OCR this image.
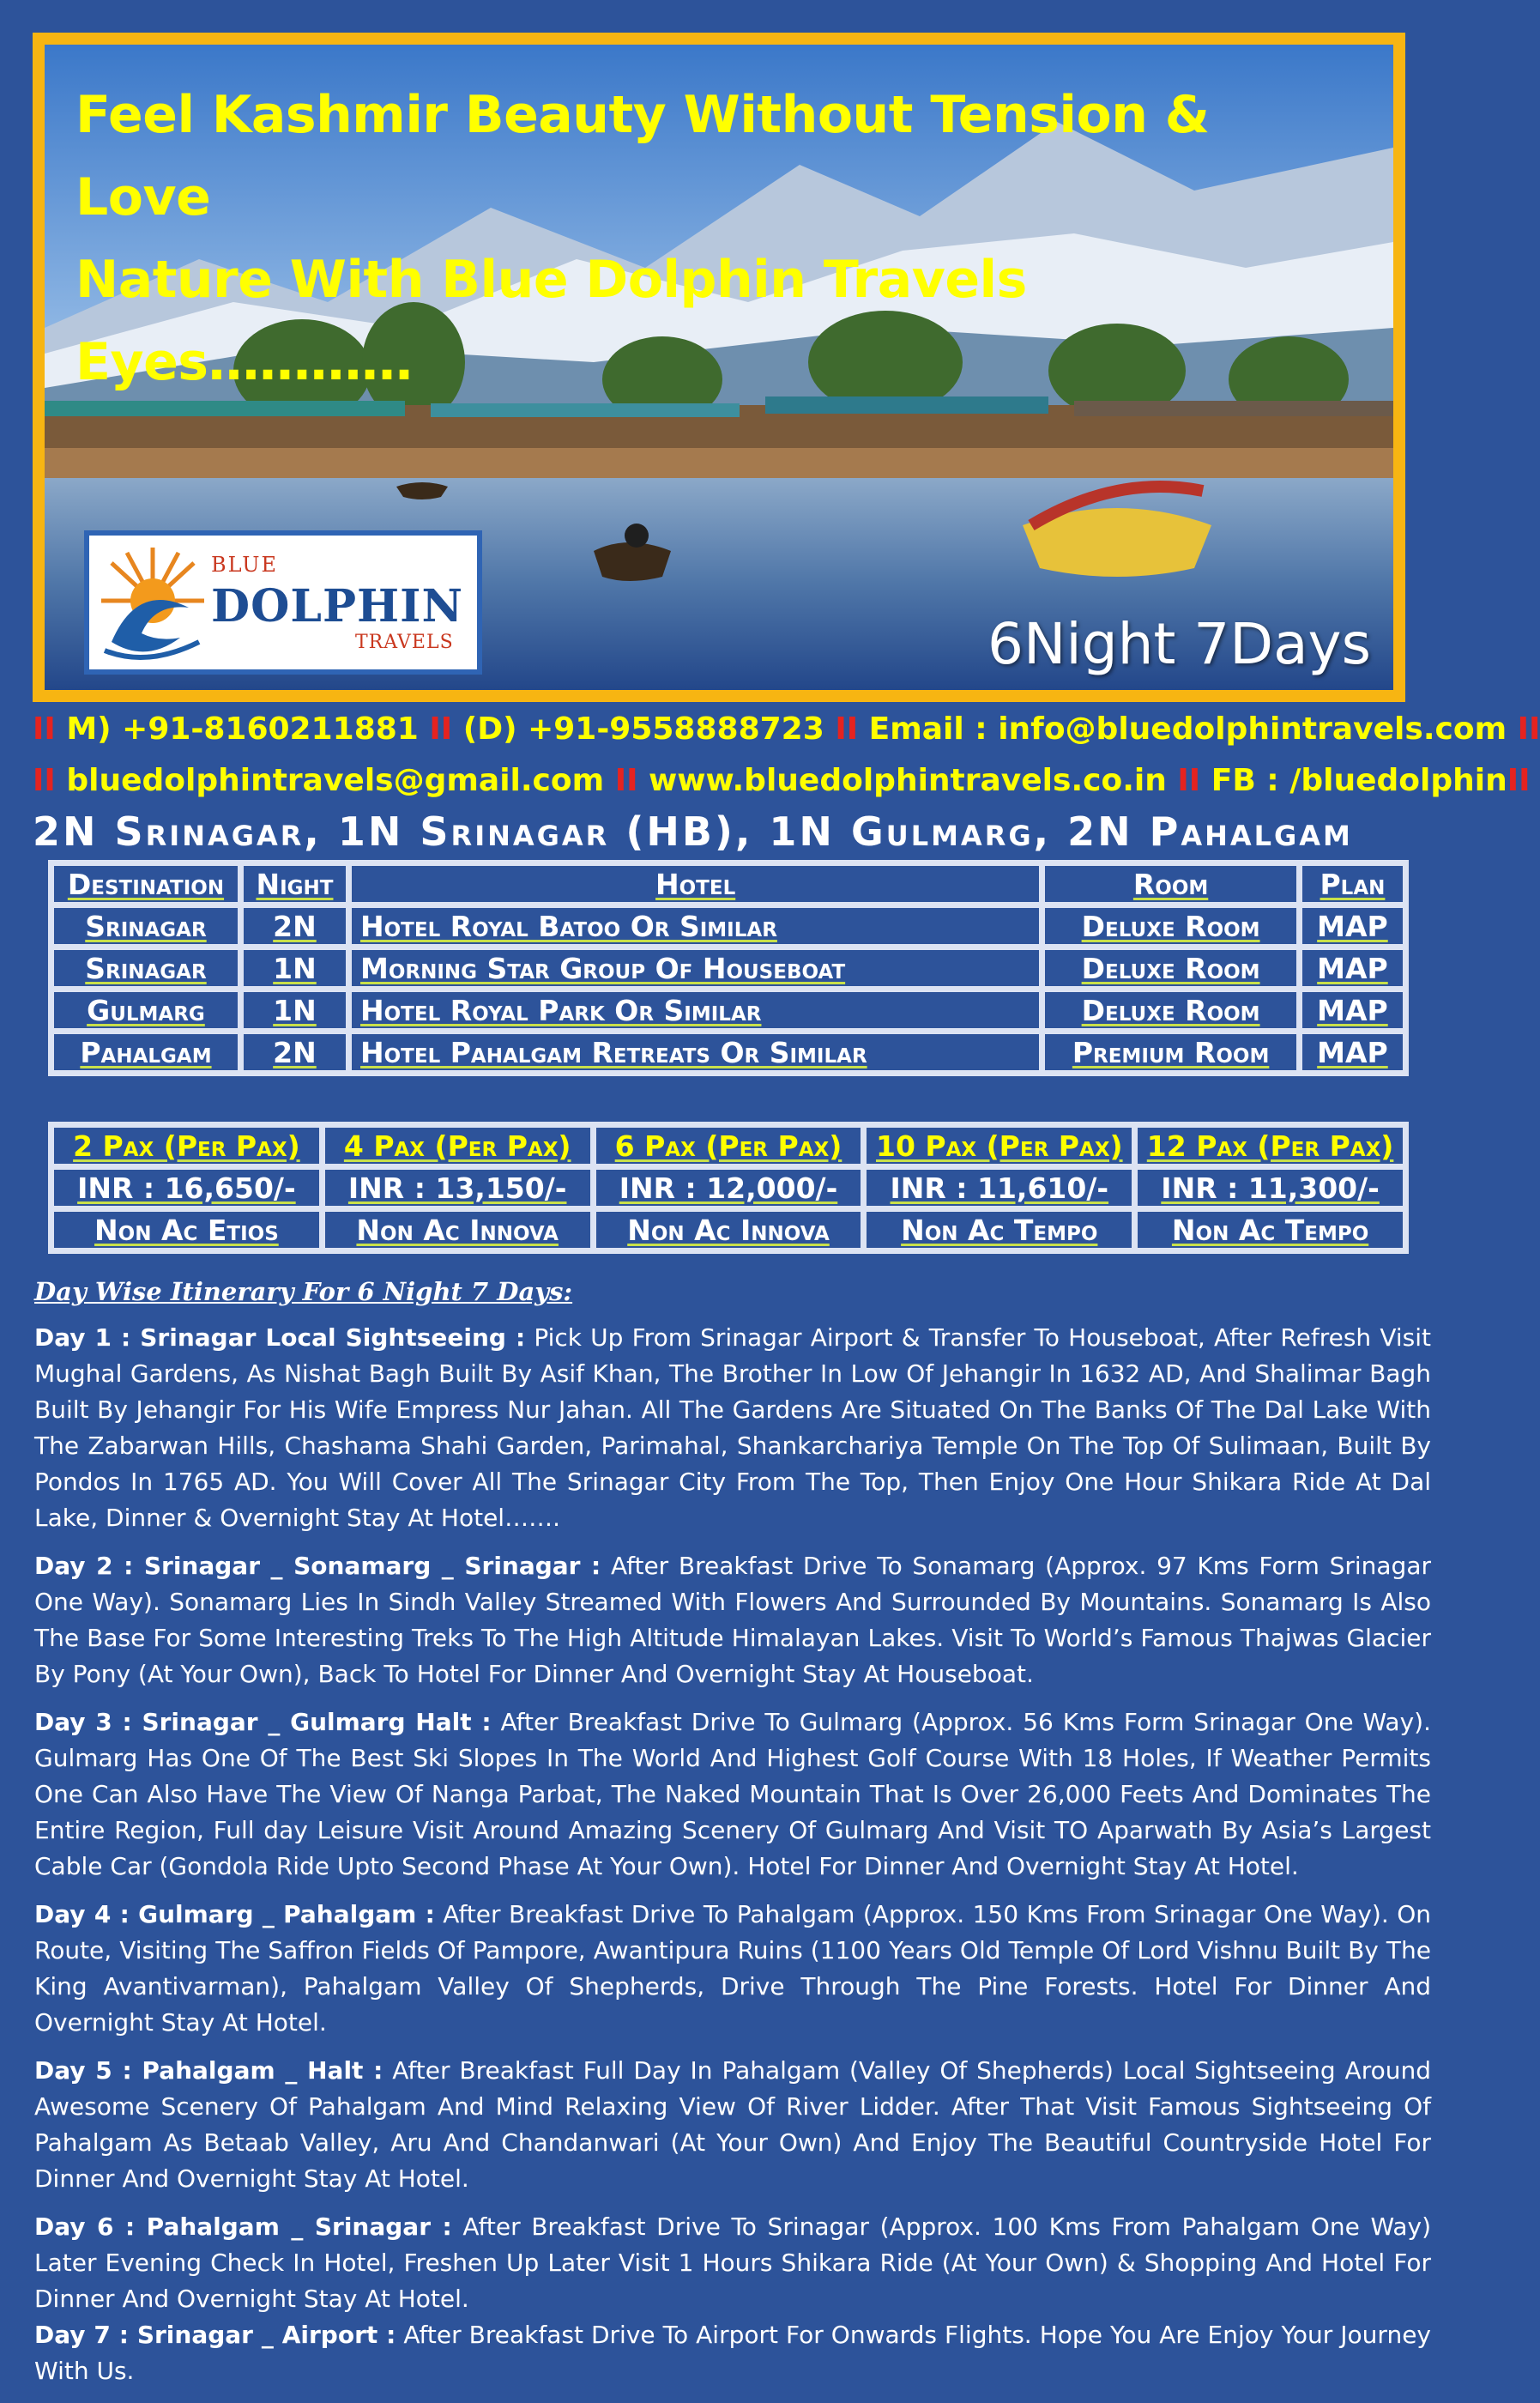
Feel Kashmir Beauty Without Tension & Love
Nature With Blue Dolphin Travels Eyes…………
BLUE
DOLPHIN
TRAVELS	6Night 7Days
II M) +91-8160211881 II (D) +91-9558888723 II Email : info@bluedolphintravels.com II
II bluedolphintravels@gmail.com II www.bluedolphintravels.co.in II FB : /bluedolphinII
2N Srinagar, 1N Srinagar (HB), 1N Gulmarg, 2N Pahalgam
Destination	Night	Hotel	Room	Plan
Srinagar	2N	Hotel Royal Batoo Or Similar	Deluxe Room	MAP
Srinagar	1N	Morning Star Group Of Houseboat	Deluxe Room	MAP
Gulmarg	1N	Hotel Royal Park Or Similar	Deluxe Room	MAP
Pahalgam	2N	Hotel Pahalgam Retreats Or Similar	Premium Room	MAP
2 Pax (Per Pax)	4 Pax (Per Pax)	6 Pax (Per Pax)	10 Pax (Per Pax)	12 Pax (Per Pax)
INR : 16,650/-	INR : 13,150/-	INR : 12,000/-	INR : 11,610/-	INR : 11,300/-
Non Ac Etios	Non Ac Innova	Non Ac Innova	Non Ac Tempo	Non Ac Tempo
Day Wise Itinerary For 6 Night 7 Days:

Day 1 : Srinagar Local Sightseeing : Pick Up From Srinagar Airport & Transfer To Houseboat, After Refresh Visit Mughal Gardens, As Nishat Bagh Built By Asif Khan, The Brother In Low Of Jehangir In 1632 AD, And Shalimar Bagh Built By Jehangir For His Wife Empress Nur Jahan. All The Gardens Are Situated On The Banks Of The Dal Lake With The Zabarwan Hills, Chashama Shahi Garden, Parimahal, Shankarchariya Temple On The Top Of Sulimaan, Built By Pondos In 1765 AD. You Will Cover All The Srinagar City From The Top, Then Enjoy One Hour Shikara Ride At Dal Lake, Dinner & Overnight Stay At Hotel…….

Day 2 : Srinagar _ Sonamarg _ Srinagar : After Breakfast Drive To Sonamarg (Approx. 97 Kms Form Srinagar One Way). Sonamarg Lies In Sindh Valley Streamed With Flowers And Surrounded By Mountains. Sonamarg Is Also The Base For Some Interesting Treks To The High Altitude Himalayan Lakes. Visit To World’s Famous Thajwas Glacier By Pony (At Your Own), Back To Hotel For Dinner And Overnight Stay At Houseboat.

Day 3 : Srinagar _ Gulmarg Halt : After Breakfast Drive To Gulmarg (Approx. 56 Kms Form Srinagar One Way). Gulmarg Has One Of The Best Ski Slopes In The World And Highest Golf Course With 18 Holes, If Weather Permits One Can Also Have The View Of Nanga Parbat, The Naked Mountain That Is Over 26,000 Feets And Dominates The Entire Region, Full day Leisure Visit Around Amazing Scenery Of Gulmarg And Visit TO Aparwath By Asia’s Largest Cable Car (Gondola Ride Upto Second Phase At Your Own). Hotel For Dinner And Overnight Stay At Hotel.

Day 4 : Gulmarg _ Pahalgam : After Breakfast Drive To Pahalgam (Approx. 150 Kms From Srinagar One Way). On Route, Visiting The Saffron Fields Of Pampore, Awantipura Ruins (1100 Years Old Temple Of Lord Vishnu Built By The King Avantivarman), Pahalgam Valley Of Shepherds, Drive Through The Pine Forests. Hotel For Dinner And Overnight Stay At Hotel.

Day 5 : Pahalgam _ Halt : After Breakfast Full Day In Pahalgam (Valley Of Shepherds) Local Sightseeing Around Awesome Scenery Of Pahalgam And Mind Relaxing View Of River Lidder. After That Visit Famous Sightseeing Of Pahalgam As Betaab Valley, Aru And Chandanwari (At Your Own) And Enjoy The Beautiful Countryside Hotel For Dinner And Overnight Stay At Hotel.

Day 6 : Pahalgam _ Srinagar : After Breakfast Drive To Srinagar (Approx. 100 Kms From Pahalgam One Way) Later Evening Check In Hotel, Freshen Up Later Visit 1 Hours Shikara Ride (At Your Own) & Shopping And Hotel For Dinner And Overnight Stay At Hotel.

Day 7 : Srinagar _ Airport : After Breakfast Drive To Airport For Onwards Flights. Hope You Are Enjoy Your Journey With Us.
